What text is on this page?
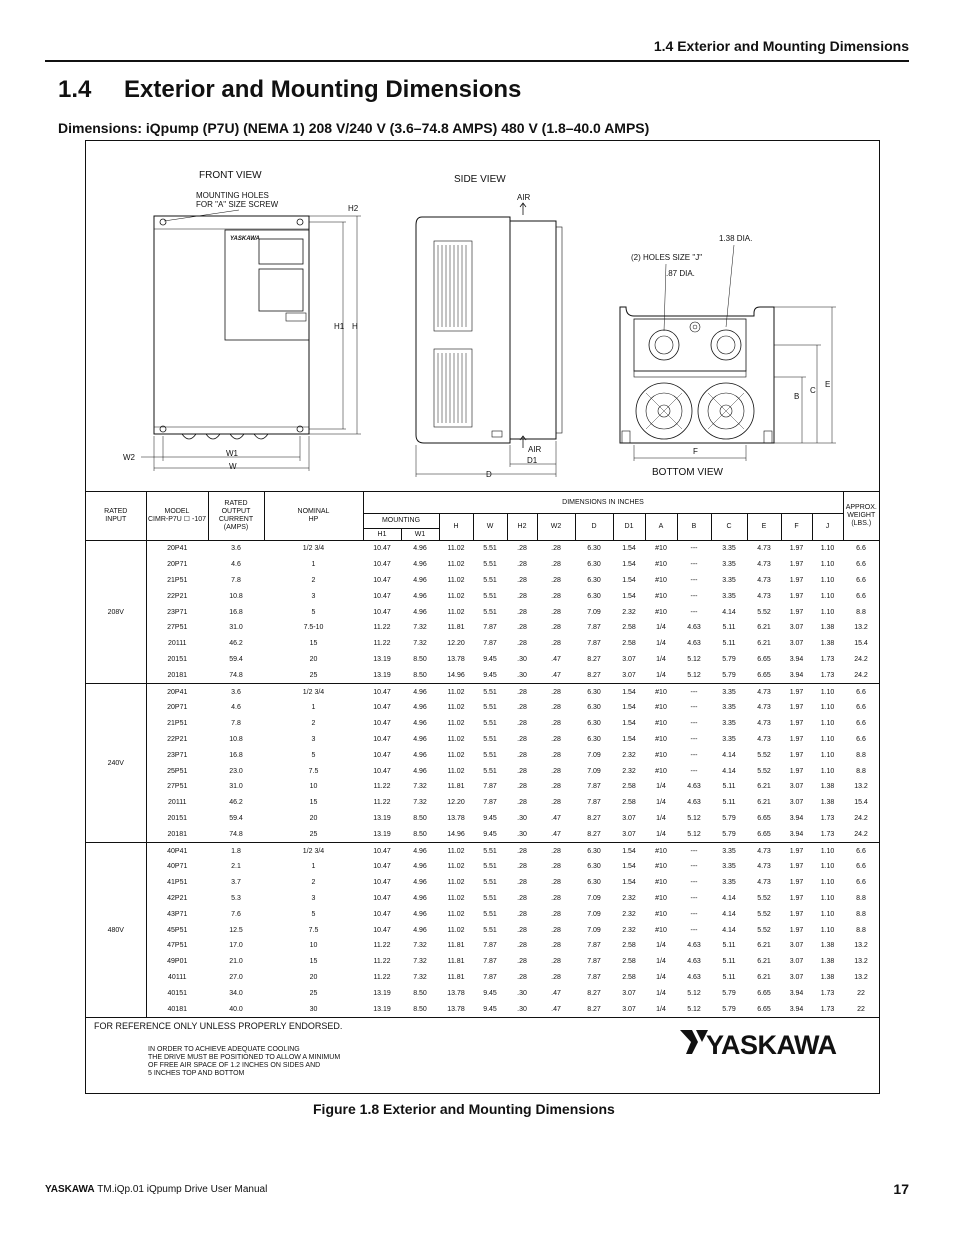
1.4 Exterior and Mounting Dimensions
1.4 Exterior and Mounting Dimensions
Dimensions: iQpump (P7U) (NEMA 1) 208 V/240 V (3.6–74.8 AMPS) 480 V (1.8–40.0 AMPS)
FRONT VIEW
MOUNTING HOLES
FOR "A" SIZE SCREW
YASKAWA
H2
H1 H
W1
W
W2
SIDE VIEW
AIR
AIR
D1
D
1.38 DIA.
(2) HOLES SIZE "J"
.87 DIA.
B
C
E
F
BOTTOM VIEW
RATED
INPUT	MODEL
CIMR-P7U ☐ -107	RATED
OUTPUT
CURRENT
(AMPS)	NOMINAL
HP	DIMENSIONS IN INCHES														APPROX.
WEIGHT
(LBS.)
				MOUNTING		H	W	H2	W2	D	D1	A	B	C	E	F	J	
				H1	W1													
208V	20P41	3.6	1/2 3/4	10.47	4.96	11.02	5.51	.28	.28	6.30	1.54	#10	---	3.35	4.73	1.97	1.10	6.6
	20P71	4.6	1	10.47	4.96	11.02	5.51	.28	.28	6.30	1.54	#10	---	3.35	4.73	1.97	1.10	6.6
	21P51	7.8	2	10.47	4.96	11.02	5.51	.28	.28	6.30	1.54	#10	---	3.35	4.73	1.97	1.10	6.6
	22P21	10.8	3	10.47	4.96	11.02	5.51	.28	.28	6.30	1.54	#10	---	3.35	4.73	1.97	1.10	6.6
	23P71	16.8	5	10.47	4.96	11.02	5.51	.28	.28	7.09	2.32	#10	---	4.14	5.52	1.97	1.10	8.8
	27P51	31.0	7.5-10	11.22	7.32	11.81	7.87	.28	.28	7.87	2.58	1/4	4.63	5.11	6.21	3.07	1.38	13.2
	20111	46.2	15	11.22	7.32	12.20	7.87	.28	.28	7.87	2.58	1/4	4.63	5.11	6.21	3.07	1.38	15.4
	20151	59.4	20	13.19	8.50	13.78	9.45	.30	.47	8.27	3.07	1/4	5.12	5.79	6.65	3.94	1.73	24.2
	20181	74.8	25	13.19	8.50	14.96	9.45	.30	.47	8.27	3.07	1/4	5.12	5.79	6.65	3.94	1.73	24.2
240V	20P41	3.6	1/2 3/4	10.47	4.96	11.02	5.51	.28	.28	6.30	1.54	#10	---	3.35	4.73	1.97	1.10	6.6
	20P71	4.6	1	10.47	4.96	11.02	5.51	.28	.28	6.30	1.54	#10	---	3.35	4.73	1.97	1.10	6.6
	21P51	7.8	2	10.47	4.96	11.02	5.51	.28	.28	6.30	1.54	#10	---	3.35	4.73	1.97	1.10	6.6
	22P21	10.8	3	10.47	4.96	11.02	5.51	.28	.28	6.30	1.54	#10	---	3.35	4.73	1.97	1.10	6.6
	23P71	16.8	5	10.47	4.96	11.02	5.51	.28	.28	7.09	2.32	#10	---	4.14	5.52	1.97	1.10	8.8
	25P51	23.0	7.5	10.47	4.96	11.02	5.51	.28	.28	7.09	2.32	#10	---	4.14	5.52	1.97	1.10	8.8
	27P51	31.0	10	11.22	7.32	11.81	7.87	.28	.28	7.87	2.58	1/4	4.63	5.11	6.21	3.07	1.38	13.2
	20111	46.2	15	11.22	7.32	12.20	7.87	.28	.28	7.87	2.58	1/4	4.63	5.11	6.21	3.07	1.38	15.4
	20151	59.4	20	13.19	8.50	13.78	9.45	.30	.47	8.27	3.07	1/4	5.12	5.79	6.65	3.94	1.73	24.2
	20181	74.8	25	13.19	8.50	14.96	9.45	.30	.47	8.27	3.07	1/4	5.12	5.79	6.65	3.94	1.73	24.2
480V	40P41	1.8	1/2 3/4	10.47	4.96	11.02	5.51	.28	.28	6.30	1.54	#10	---	3.35	4.73	1.97	1.10	6.6
	40P71	2.1	1	10.47	4.96	11.02	5.51	.28	.28	6.30	1.54	#10	---	3.35	4.73	1.97	1.10	6.6
	41P51	3.7	2	10.47	4.96	11.02	5.51	.28	.28	6.30	1.54	#10	---	3.35	4.73	1.97	1.10	6.6
	42P21	5.3	3	10.47	4.96	11.02	5.51	.28	.28	7.09	2.32	#10	---	4.14	5.52	1.97	1.10	8.8
	43P71	7.6	5	10.47	4.96	11.02	5.51	.28	.28	7.09	2.32	#10	---	4.14	5.52	1.97	1.10	8.8
	45P51	12.5	7.5	10.47	4.96	11.02	5.51	.28	.28	7.09	2.32	#10	---	4.14	5.52	1.97	1.10	8.8
	47P51	17.0	10	11.22	7.32	11.81	7.87	.28	.28	7.87	2.58	1/4	4.63	5.11	6.21	3.07	1.38	13.2
	49P01	21.0	15	11.22	7.32	11.81	7.87	.28	.28	7.87	2.58	1/4	4.63	5.11	6.21	3.07	1.38	13.2
	40111	27.0	20	11.22	7.32	11.81	7.87	.28	.28	7.87	2.58	1/4	4.63	5.11	6.21	3.07	1.38	13.2
	40151	34.0	25	13.19	8.50	13.78	9.45	.30	.47	8.27	3.07	1/4	5.12	5.79	6.65	3.94	1.73	22
	40181	40.0	30	13.19	8.50	13.78	9.45	.30	.47	8.27	3.07	1/4	5.12	5.79	6.65	3.94	1.73	22

FOR REFERENCE ONLY UNLESS PROPERLY ENDORSED.
IN ORDER TO ACHIEVE ADEQUATE COOLING
THE DRIVE MUST BE POSITIONED TO ALLOW A MINIMUM
OF FREE AIR SPACE OF 1.2 INCHES ON SIDES AND
5 INCHES TOP AND BOTTOM
YASKAWA
Figure 1.8 Exterior and Mounting Dimensions
YASKAWA TM.iQp.01 iQpump Drive User Manual	17
